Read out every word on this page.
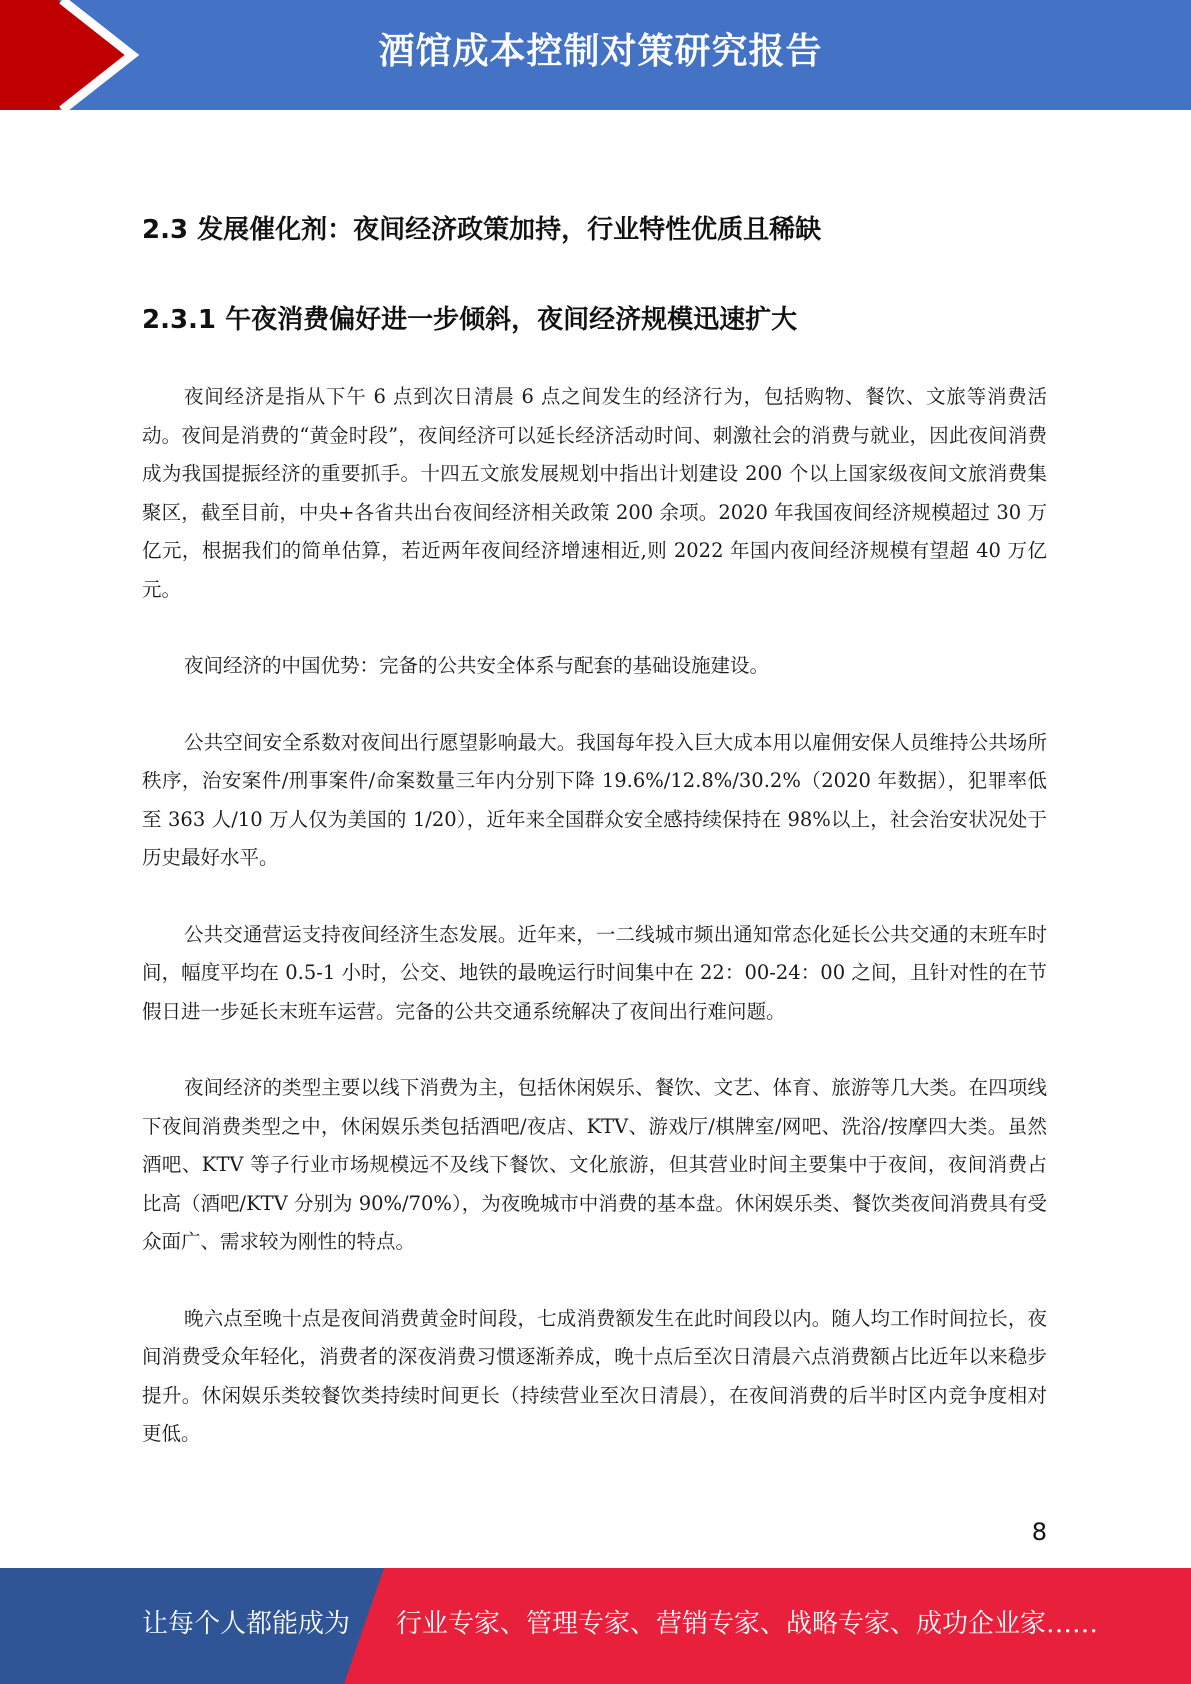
酒馆成本控制对策研究报告
2.3 发展催化剂：夜间经济政策加持，行业特性优质且稀缺
2.3.1 午夜消费偏好进一步倾斜，夜间经济规模迅速扩大

夜间经济是指从下午 6 点到次日清晨 6 点之间发生的经济行为，包括购物、餐饮、文旅等消费活动。夜间是消费的“黄金时段”，夜间经济可以延长经济活动时间、刺激社会的消费与就业，因此夜间消费成为我国提振经济的重要抓手。十四五文旅发展规划中指出计划建设 200 个以上国家级夜间文旅消费集聚区，截至目前，中央+各省共出台夜间经济相关政策 200 余项。2020 年我国夜间经济规模超过 30 万亿元，根据我们的简单估算，若近两年夜间经济增速相近,则 2022 年国内夜间经济规模有望超 40 万亿元。

夜间经济的中国优势：完备的公共安全体系与配套的基础设施建设。

公共空间安全系数对夜间出行愿望影响最大。我国每年投入巨大成本用以雇佣安保人员维持公共场所秩序，治安案件/刑事案件/命案数量三年内分别下降 19.6%/12.8%/30.2%（2020 年数据），犯罪率低至 363 人/10 万人仅为美国的 1/20），近年来全国群众安全感持续保持在 98%以上，社会治安状况处于历史最好水平。

公共交通营运支持夜间经济生态发展。近年来，一二线城市频出通知常态化延长公共交通的末班车时间，幅度平均在 0.5-1 小时，公交、地铁的最晚运行时间集中在 22：00-24：00 之间，且针对性的在节假日进一步延长末班车运营。完备的公共交通系统解决了夜间出行难问题。

夜间经济的类型主要以线下消费为主，包括休闲娱乐、餐饮、文艺、体育、旅游等几大类。在四项线下夜间消费类型之中，休闲娱乐类包括酒吧/夜店、KTV、游戏厅/棋牌室/网吧、洗浴/按摩四大类。虽然酒吧、KTV 等子行业市场规模远不及线下餐饮、文化旅游，但其营业时间主要集中于夜间，夜间消费占比高（酒吧/KTV 分别为 90%/70%），为夜晚城市中消费的基本盘。休闲娱乐类、餐饮类夜间消费具有受众面广、需求较为刚性的特点。

晚六点至晚十点是夜间消费黄金时间段，七成消费额发生在此时间段以内。随人均工作时间拉长，夜间消费受众年轻化，消费者的深夜消费习惯逐渐养成，晚十点后至次日清晨六点消费额占比近年以来稳步提升。休闲娱乐类较餐饮类持续时间更长（持续营业至次日清晨），在夜间消费的后半时区内竞争度相对更低。

8
让每个人都能成为 行业专家、管理专家、营销专家、战略专家、成功企业家……
